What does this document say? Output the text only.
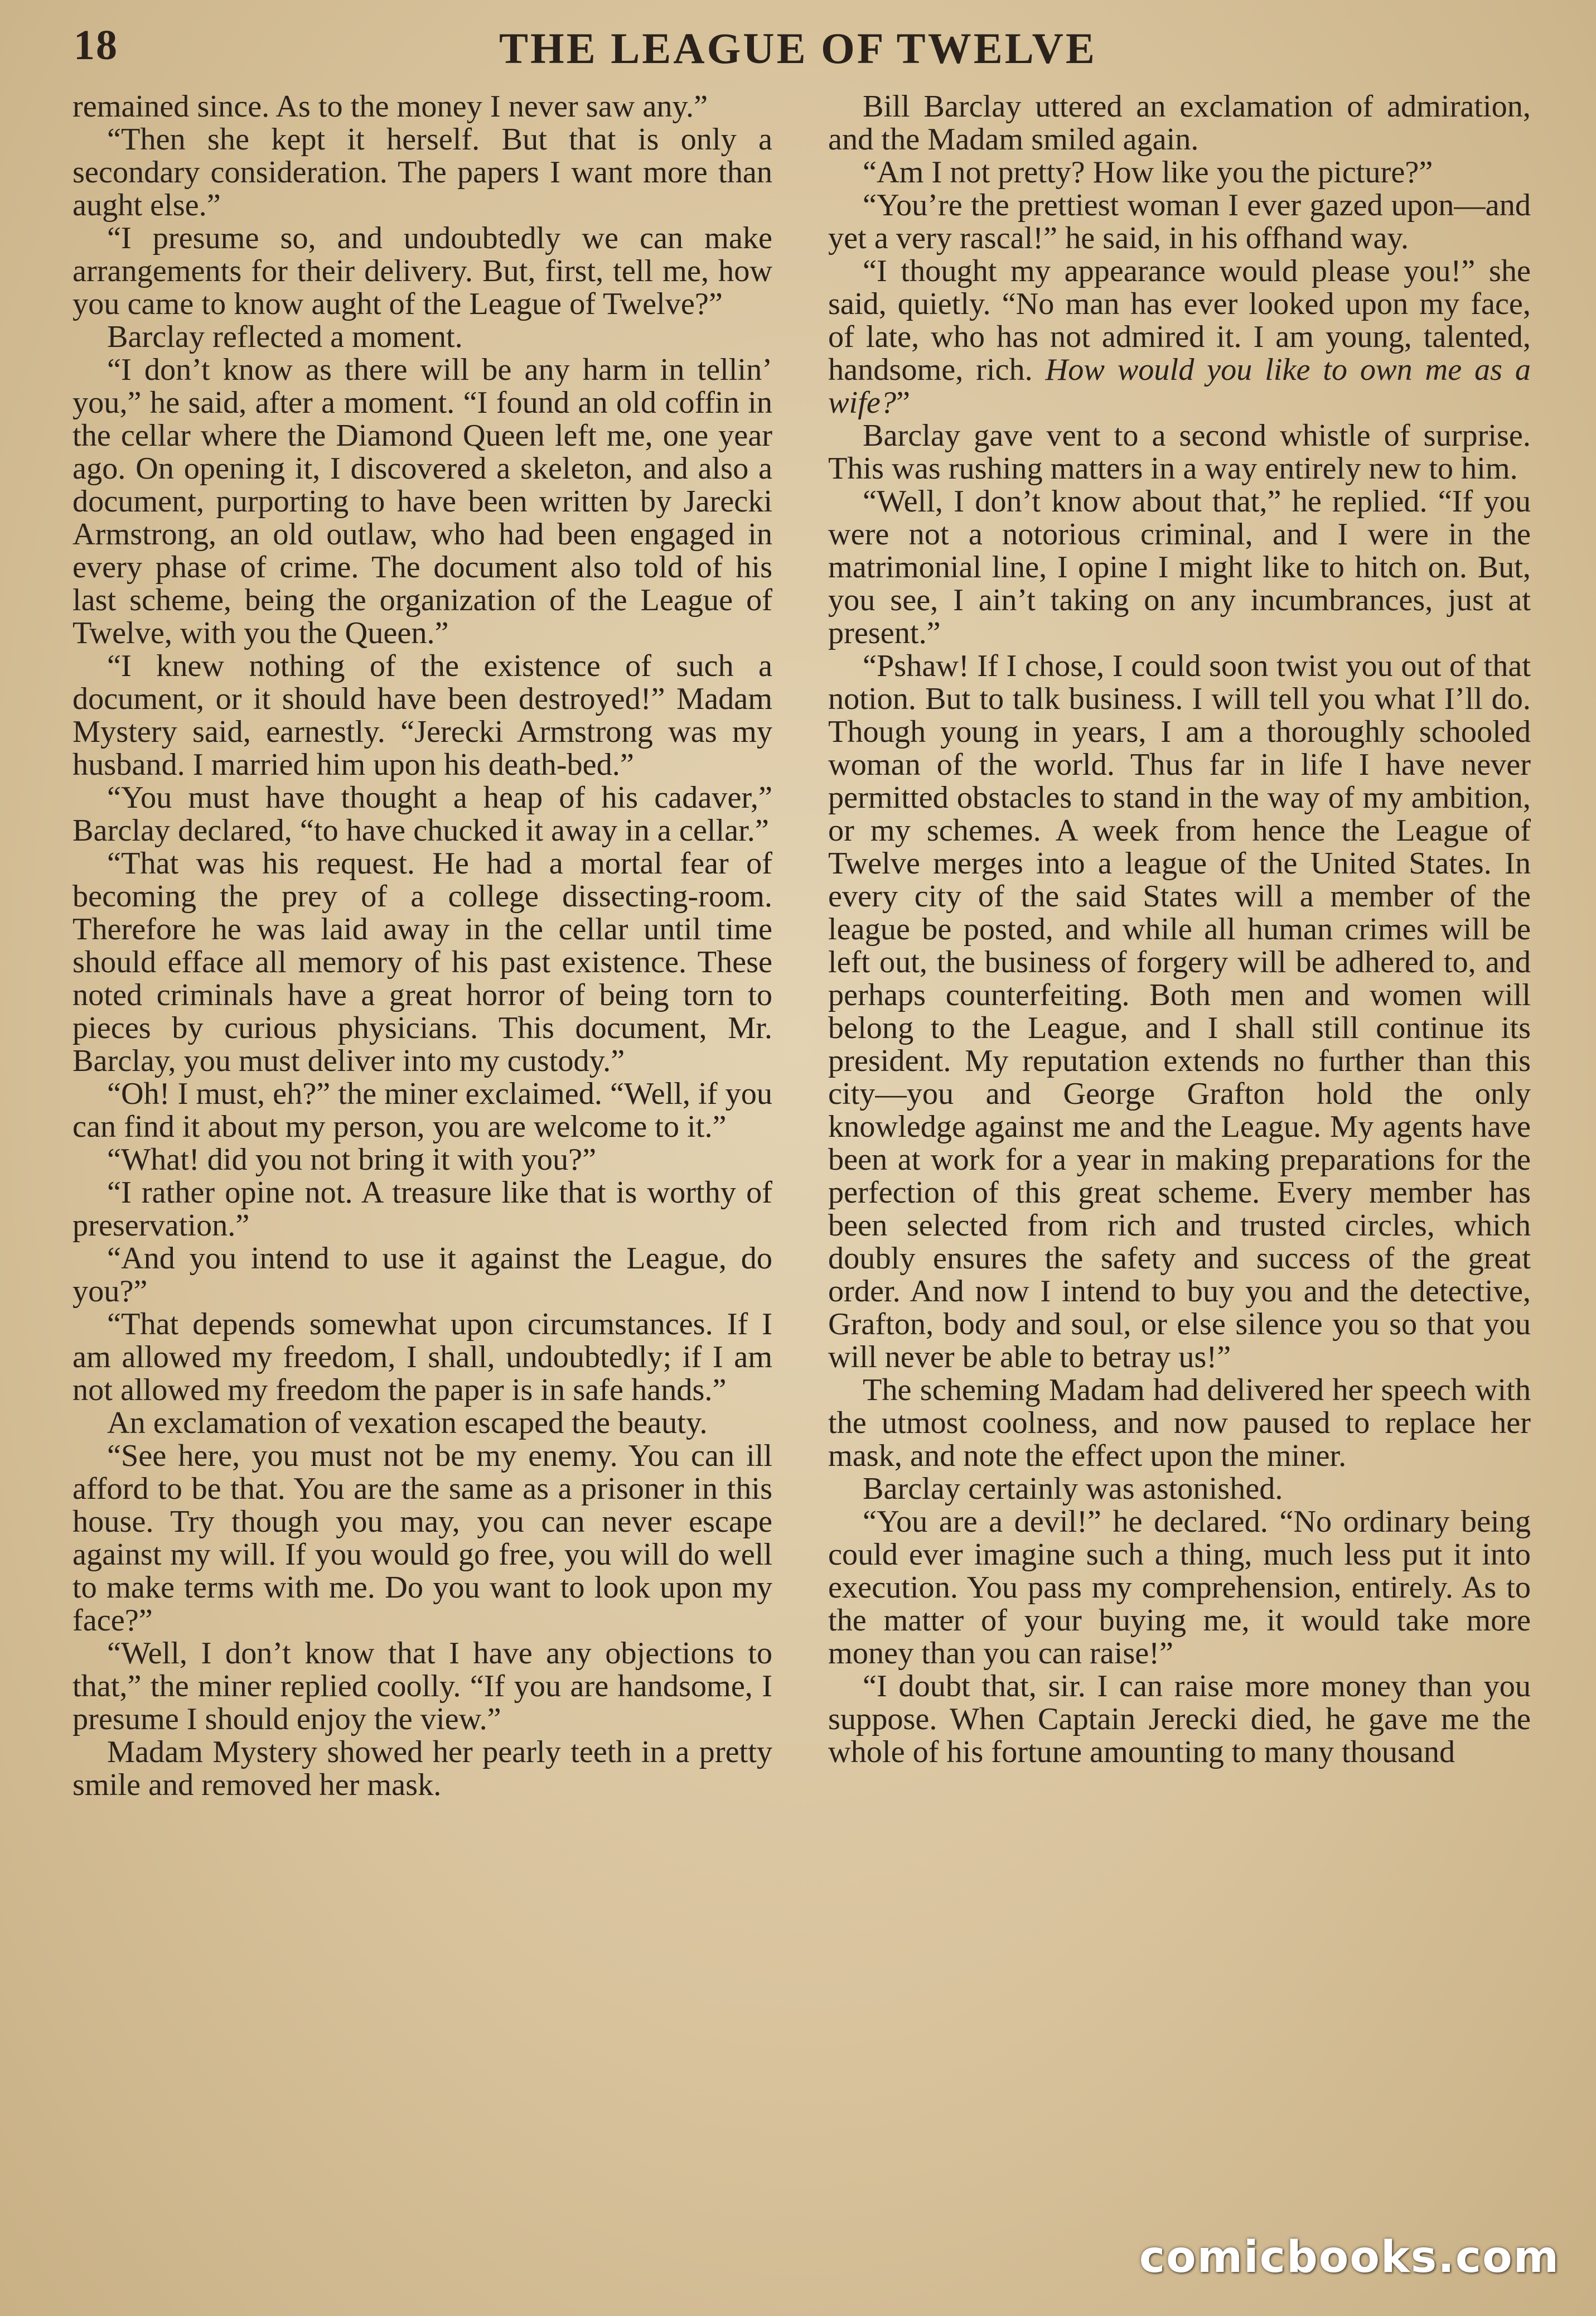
18	THE LEAGUE OF TWELVE

remained since. As to the money I never saw any.”

“Then she kept it herself. But that is only a secondary consideration. The papers I want more than aught else.”

“I presume so, and undoubtedly we can make arrangements for their delivery. But, first, tell me, how you came to know aught of the League of Twelve?”

Barclay reflected a moment.

“I don’t know as there will be any harm in tellin’ you,” he said, after a moment. “I found an old coffin in the cellar where the Diamond Queen left me, one year ago. On opening it, I discovered a skeleton, and also a document, purporting to have been written by Jarecki Armstrong, an old outlaw, who had been engaged in every phase of crime. The document also told of his last scheme, being the organization of the League of Twelve, with you the Queen.”

“I knew nothing of the existence of such a document, or it should have been destroyed!” Madam Mystery said, earnestly. “Jerecki Armstrong was my husband. I married him upon his death-bed.”

“You must have thought a heap of his cadaver,” Barclay declared, “to have chucked it away in a cellar.”

“That was his request. He had a mortal fear of becoming the prey of a college dissecting-room. Therefore he was laid away in the cellar until time should efface all memory of his past existence. These noted criminals have a great horror of being torn to pieces by curious physicians. This document, Mr. Barclay, you must deliver into my custody.”

“Oh! I must, eh?” the miner exclaimed. “Well, if you can find it about my person, you are welcome to it.”

“What! did you not bring it with you?”

“I rather opine not. A treasure like that is worthy of preservation.”

“And you intend to use it against the League, do you?”

“That depends somewhat upon circumstances. If I am allowed my freedom, I shall, undoubtedly; if I am not allowed my freedom the paper is in safe hands.”

An exclamation of vexation escaped the beauty.

“See here, you must not be my enemy. You can ill afford to be that. You are the same as a prisoner in this house. Try though you may, you can never escape against my will. If you would go free, you will do well to make terms with me. Do you want to look upon my face?”

“Well, I don’t know that I have any objections to that,” the miner replied coolly. “If you are handsome, I presume I should enjoy the view.”

Madam Mystery showed her pearly teeth in a pretty smile and removed her mask.

Bill Barclay uttered an exclamation of admiration, and the Madam smiled again.

“Am I not pretty? How like you the picture?”

“You’re the prettiest woman I ever gazed upon—and yet a very rascal!” he said, in his offhand way.

“I thought my appearance would please you!” she said, quietly. “No man has ever looked upon my face, of late, who has not admired it. I am young, talented, handsome, rich. How would you like to own me as a wife?”

Barclay gave vent to a second whistle of surprise. This was rushing matters in a way entirely new to him.

“Well, I don’t know about that,” he replied. “If you were not a notorious criminal, and I were in the matrimonial line, I opine I might like to hitch on. But, you see, I ain’t taking on any incumbrances, just at present.”

“Pshaw! If I chose, I could soon twist you out of that notion. But to talk business. I will tell you what I’ll do. Though young in years, I am a thoroughly schooled woman of the world. Thus far in life I have never permitted obstacles to stand in the way of my ambition, or my schemes. A week from hence the League of Twelve merges into a league of the United States. In every city of the said States will a member of the league be posted, and while all human crimes will be left out, the business of forgery will be adhered to, and perhaps counterfeiting. Both men and women will belong to the League, and I shall still continue its president. My reputation extends no further than this city—you and George Grafton hold the only knowledge against me and the League. My agents have been at work for a year in making preparations for the perfection of this great scheme. Every member has been selected from rich and trusted circles, which doubly ensures the safety and success of the great order. And now I intend to buy you and the detective, Grafton, body and soul, or else silence you so that you will never be able to betray us!”

The scheming Madam had delivered her speech with the utmost coolness, and now paused to replace her mask, and note the effect upon the miner.

Barclay certainly was astonished.

“You are a devil!” he declared. “No ordinary being could ever imagine such a thing, much less put it into execution. You pass my comprehension, entirely. As to the matter of your buying me, it would take more money than you can raise!”

“I doubt that, sir. I can raise more money than you suppose. When Captain Jerecki died, he gave me the whole of his fortune amounting to many thousand

comicbooks.com
